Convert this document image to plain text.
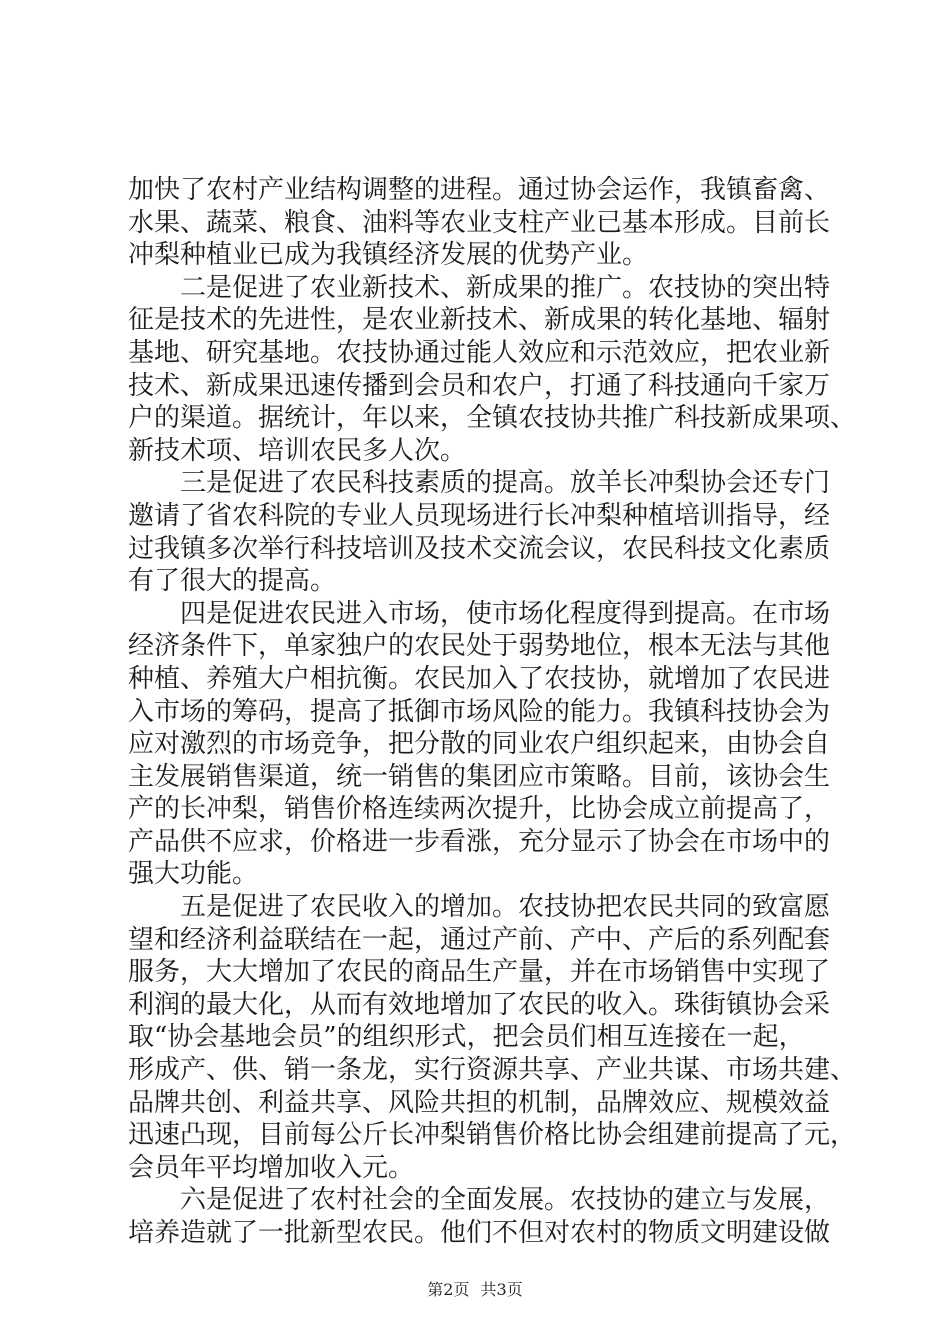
加快了农村产业结构调整的进程。通过协会运作，我镇畜禽、
水果、蔬菜、粮食、油料等农业支柱产业已基本形成。目前长
冲梨种植业已成为我镇经济发展的优势产业。
二是促进了农业新技术、新成果的推广。农技协的突出特
征是技术的先进性，是农业新技术、新成果的转化基地、辐射
基地、研究基地。农技协通过能人效应和示范效应，把农业新
技术、新成果迅速传播到会员和农户，打通了科技通向千家万
户的渠道。据统计，年以来，全镇农技协共推广科技新成果项、
新技术项、培训农民多人次。
三是促进了农民科技素质的提高。放羊长冲梨协会还专门
邀请了省农科院的专业人员现场进行长冲梨种植培训指导，经
过我镇多次举行科技培训及技术交流会议，农民科技文化素质
有了很大的提高。
四是促进农民进入市场，使市场化程度得到提高。在市场
经济条件下，单家独户的农民处于弱势地位，根本无法与其他
种植、养殖大户相抗衡。农民加入了农技协，就增加了农民进
入市场的筹码，提高了抵御市场风险的能力。我镇科技协会为
应对激烈的市场竞争，把分散的同业农户组织起来，由协会自
主发展销售渠道，统一销售的集团应市策略。目前，该协会生
产的长冲梨，销售价格连续两次提升，比协会成立前提高了，
产品供不应求，价格进一步看涨，充分显示了协会在市场中的
强大功能。
五是促进了农民收入的增加。农技协把农民共同的致富愿
望和经济利益联结在一起，通过产前、产中、产后的系列配套
服务，大大增加了农民的商品生产量，并在市场销售中实现了
利润的最大化，从而有效地增加了农民的收入。珠街镇协会采
取“协会基地会员”的组织形式，把会员们相互连接在一起，
形成产、供、销一条龙，实行资源共享、产业共谋、市场共建、
品牌共创、利益共享、风险共担的机制，品牌效应、规模效益
迅速凸现，目前每公斤长冲梨销售价格比协会组建前提高了元，
会员年平均增加收入元。
六是促进了农村社会的全面发展。农技协的建立与发展，
培养造就了一批新型农民。他们不但对农村的物质文明建设做
第2页 共3页
